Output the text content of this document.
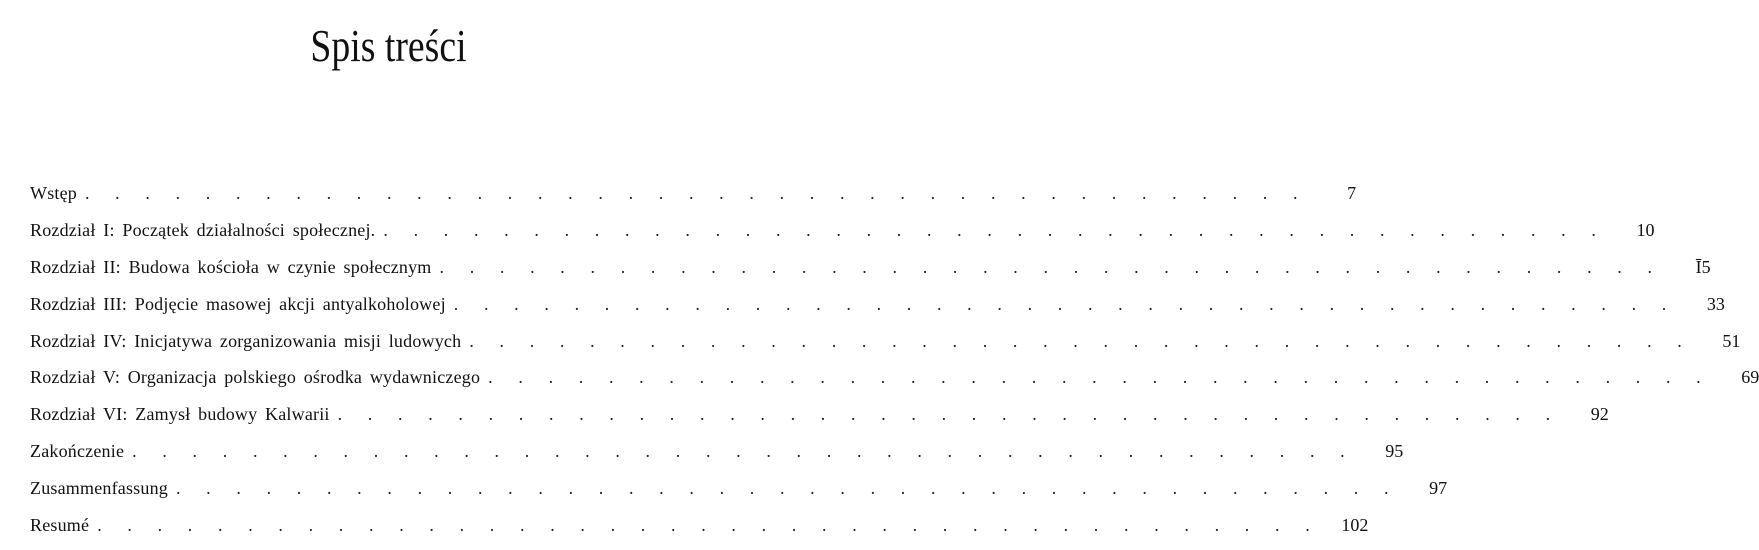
Spis treści
Wstęp . . . . . . . . . . . . . . . . . . . . . . . . . . . . . . . . . . . . . . . . .	7
Rozdział I: Początek działalności społecznej. . . . . . . . . . . . . . . . . . . . . . . . . . . . . . . . . . . . . . . . . .	10
Rozdział II: Budowa kościoła w czynie społecznym . . . . . . . . . . . . . . . . . . . . . . . . . . . . . . . . . . . . . . . . .	Ī5
Rozdział III: Podjęcie masowej akcji antyalkoholowej . . . . . . . . . . . . . . . . . . . . . . . . . . . . . . . . . . . . . . . . .	33
Rozdział IV: Inicjatywa zorganizowania misji ludowych . . . . . . . . . . . . . . . . . . . . . . . . . . . . . . . . . . . . . . . . .	51
Rozdział V: Organizacja polskiego ośrodka wydawniczego . . . . . . . . . . . . . . . . . . . . . . . . . . . . . . . . . . . . . . . . .	69
Rozdział VI: Zamysł budowy Kalwarii . . . . . . . . . . . . . . . . . . . . . . . . . . . . . . . . . . . . . . . . .	92
Zakończenie . . . . . . . . . . . . . . . . . . . . . . . . . . . . . . . . . . . . . . . . .	95
Zusammenfassung . . . . . . . . . . . . . . . . . . . . . . . . . . . . . . . . . . . . . . . . .	97
Resumé . . . . . . . . . . . . . . . . . . . . . . . . . . . . . . . . . . . . . . . . .	102
